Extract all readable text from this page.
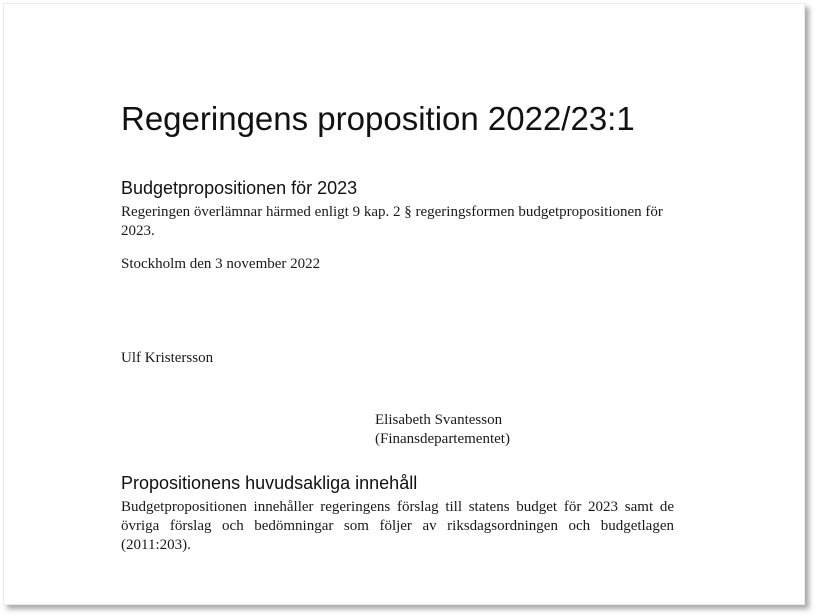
Regeringens proposition 2022/23:1
Budgetpropositionen för 2023

Regeringen överlämnar härmed enligt 9 kap. 2 § regeringsformen budgetpropositionen för 2023.

Stockholm den 3 november 2022

Ulf Kristersson

Elisabeth Svantesson

(Finansdepartementet)

Propositionens huvudsakliga innehåll

Budgetpropositionen innehåller regeringens förslag till statens budget för 2023 samt de övriga förslag och bedömningar som följer av riksdagsordningen och budgetlagen (2011:203).
